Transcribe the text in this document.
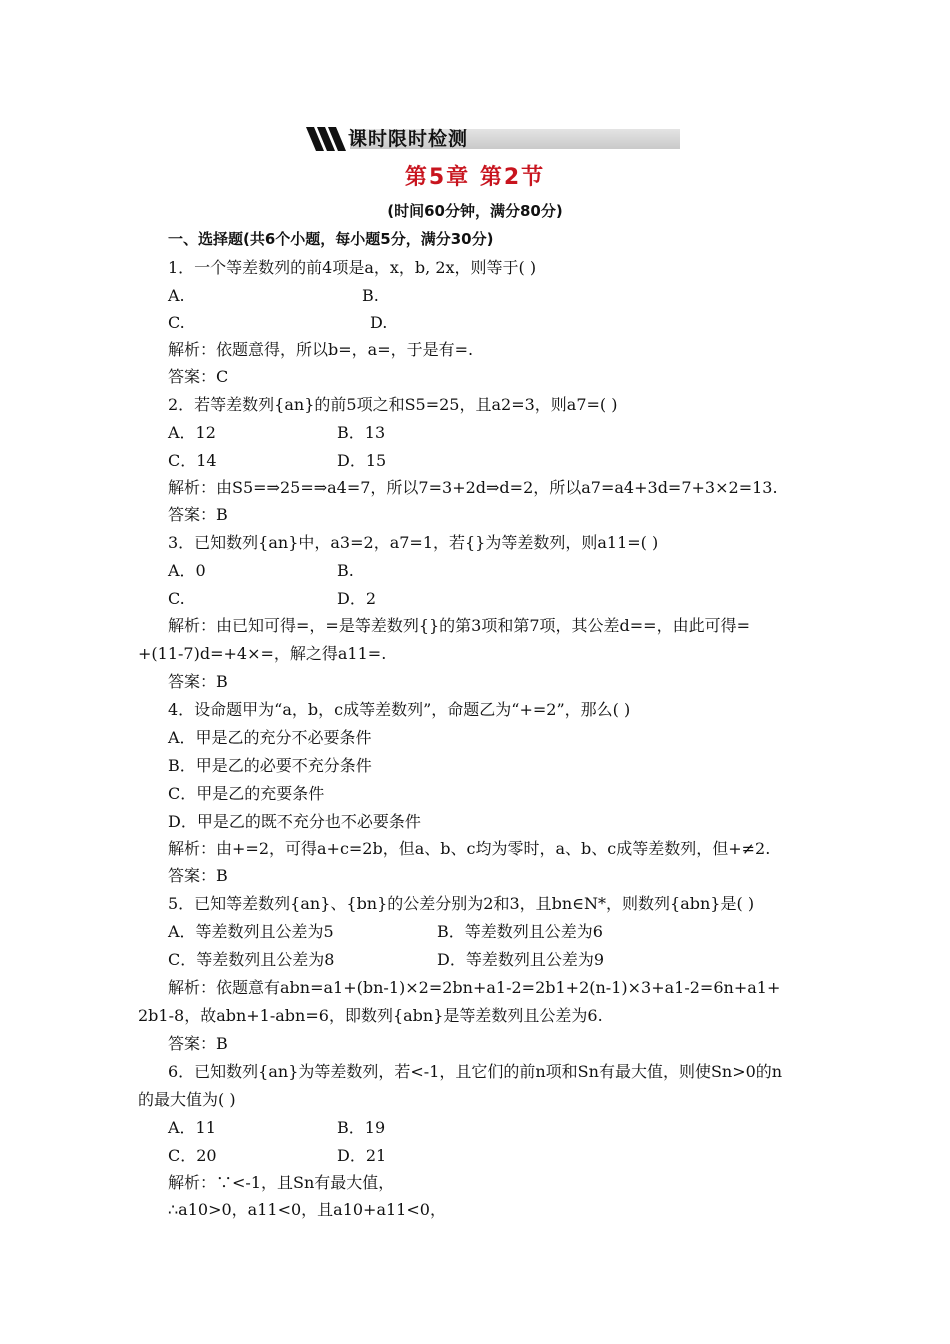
课时限时检测
第5章 第2节
(时间60分钟，满分80分)
一、选择题(共6个小题，每小题5分，满分30分)
1．一个等差数列的前4项是a，x，b, 2x，则等于( )
A.	B.
C.	D.
解析：依题意得，所以b=，a=，于是有=.
答案：C
2．若等差数列{an}的前5项之和S5=25，且a2=3，则a7=( )
A．12	B．13
C．14	D．15
解析：由S5=⇒25=⇒a4=7，所以7=3+2d⇒d=2，所以a7=a4+3d=7+3×2=13.
答案：B
3．已知数列{an}中，a3=2，a7=1，若{}为等差数列，则a11=( )
A．0	B.
C.	D．2
解析：由已知可得=，=是等差数列{}的第3项和第7项，其公差d==，由此可得=
+(11-7)d=+4×=，解之得a11=.
答案：B
4．设命题甲为“a，b，c成等差数列”，命题乙为“+=2”，那么( )
A．甲是乙的充分不必要条件
B．甲是乙的必要不充分条件
C．甲是乙的充要条件
D．甲是乙的既不充分也不必要条件
解析：由+=2，可得a+c=2b，但a、b、c均为零时，a、b、c成等差数列，但+≠2.
答案：B
5．已知等差数列{an}、{bn}的公差分别为2和3，且bn∈N*，则数列{abn}是( )
A．等差数列且公差为5	B．等差数列且公差为6
C．等差数列且公差为8	D．等差数列且公差为9
解析：依题意有abn=a1+(bn-1)×2=2bn+a1-2=2b1+2(n-1)×3+a1-2=6n+a1+
2b1-8，故abn+1-abn=6，即数列{abn}是等差数列且公差为6.
答案：B
6．已知数列{an}为等差数列，若<-1，且它们的前n项和Sn有最大值，则使Sn>0的n
的最大值为( )
A．11	B．19
C．20	D．21
解析：∵<-1，且Sn有最大值，
∴a10>0，a11<0，且a10+a11<0，
